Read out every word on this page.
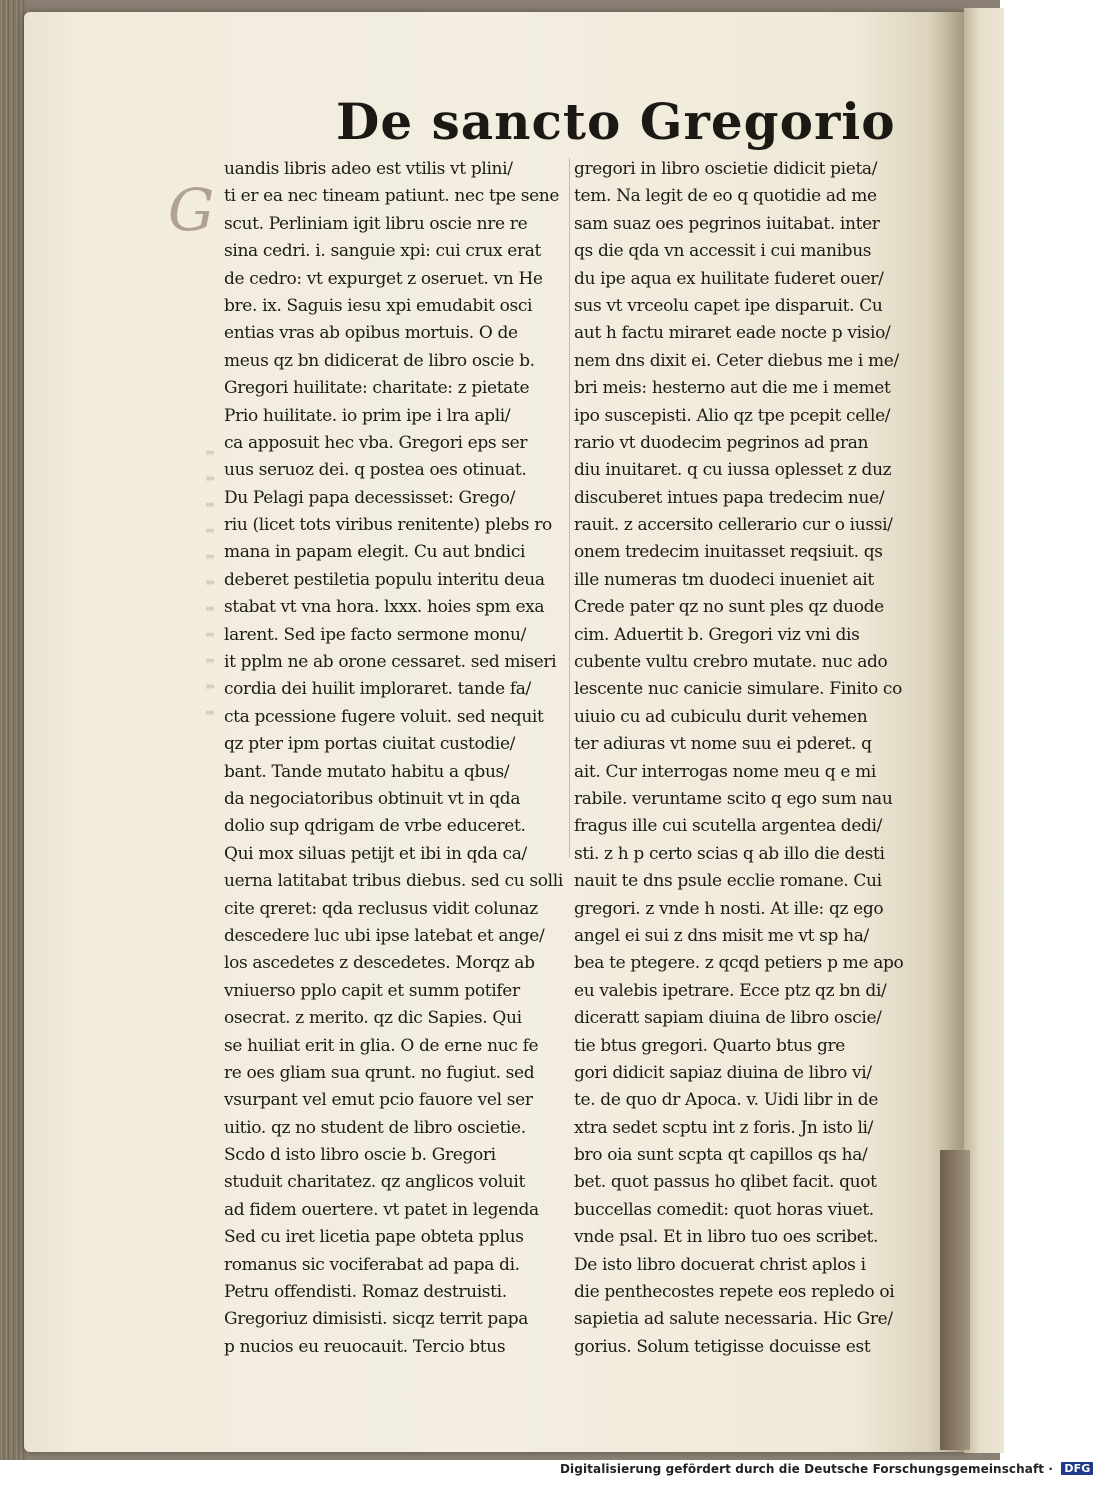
De sancto Gregorio
G
uandis libris adeo est vtilis vt plini/
ti er ea nec tineam patiunt. nec tpe sene
scut. Perliniam igit libru oscie nre re
sina cedri. i. sanguie xpi: cui crux erat
de cedro: vt expurget z oseruet. vn He
bre. ix. Saguis iesu xpi emudabit osci
entias vras ab opibus mortuis. O de
meus qz bn didicerat de libro oscie b.
Gregori huilitate: charitate: z pietate
Prio huilitate. io prim ipe i lra apli/
ca apposuit hec vba. Gregori eps ser
uus seruoz dei. q postea oes otinuat.
Du Pelagi papa decessisset: Grego/
riu (licet tots viribus renitente) plebs ro
mana in papam elegit. Cu aut bndici
deberet pestiletia populu interitu deua
stabat vt vna hora. lxxx. hoies spm exa
larent. Sed ipe facto sermone monu/
it pplm ne ab orone cessaret. sed miseri
cordia dei huilit imploraret. tande fa/
cta pcessione fugere voluit. sed nequit
qz pter ipm portas ciuitat custodie/
bant. Tande mutato habitu a qbus/
da negociatoribus obtinuit vt in qda
dolio sup qdrigam de vrbe educeret.
Qui mox siluas petijt et ibi in qda ca/
uerna latitabat tribus diebus. sed cu solli
cite qreret: qda reclusus vidit colunaz
descedere luc ubi ipse latebat et ange/
los ascedetes z descedetes. Morqz ab
vniuerso pplo capit et summ potifer
osecrat. z merito. qz dic Sapies. Qui
se huiliat erit in glia. O de erne nuc fe
re oes gliam sua qrunt. no fugiut. sed
vsurpant vel emut pcio fauore vel ser
uitio. qz no student de libro oscietie.
Scdo d isto libro oscie b. Gregori
studuit charitatez. qz anglicos voluit
ad fidem ouertere. vt patet in legenda
Sed cu iret licetia pape obteta pplus
romanus sic vociferabat ad papa di.
Petru offendisti. Romaz destruisti.
Gregoriuz dimisisti. sicqz territ papa
p nucios eu reuocauit. Tercio btus
gregori in libro oscietie didicit pieta/
tem. Na legit de eo q quotidie ad me
sam suaz oes pegrinos iuitabat. inter
qs die qda vn accessit i cui manibus
du ipe aqua ex huilitate fuderet ouer/
sus vt vrceolu capet ipe disparuit. Cu
aut h factu miraret eade nocte p visio/
nem dns dixit ei. Ceter diebus me i me/
bri meis: hesterno aut die me i memet
ipo suscepisti. Alio qz tpe pcepit celle/
rario vt duodecim pegrinos ad pran
diu inuitaret. q cu iussa oplesset z duz
discuberet intues papa tredecim nue/
rauit. z accersito cellerario cur o iussi/
onem tredecim inuitasset reqsiuit. qs
ille numeras tm duodeci inueniet ait
Crede pater qz no sunt ples qz duode
cim. Aduertit b. Gregori viz vni dis
cubente vultu crebro mutate. nuc ado
lescente nuc canicie simulare. Finito co
uiuio cu ad cubiculu durit vehemen
ter adiuras vt nome suu ei pderet. q
ait. Cur interrogas nome meu q e mi
rabile. veruntame scito q ego sum nau
fragus ille cui scutella argentea dedi/
sti. z h p certo scias q ab illo die desti
nauit te dns psule ecclie romane. Cui
gregori. z vnde h nosti. At ille: qz ego
angel ei sui z dns misit me vt sp ha/
bea te ptegere. z qcqd petiers p me apo
eu valebis ipetrare. Ecce ptz qz bn di/
diceratt sapiam diuina de libro oscie/
tie btus gregori. Quarto btus gre
gori didicit sapiaz diuina de libro vi/
te. de quo dr Apoca. v. Uidi libr in de
xtra sedet scptu int z foris. Jn isto li/
bro oia sunt scpta qt capillos qs ha/
bet. quot passus ho qlibet facit. quot
buccellas comedit: quot horas viuet.
vnde psal. Et in libro tuo oes scribet.
De isto libro docuerat christ aplos i
die penthecostes repete eos repledo oi
sapietia ad salute necessaria. Hic Gre/
gorius. Solum tetigisse docuisse est
Digitalisierung gefördert durch die Deutsche Forschungsgemeinschaft · DFG
